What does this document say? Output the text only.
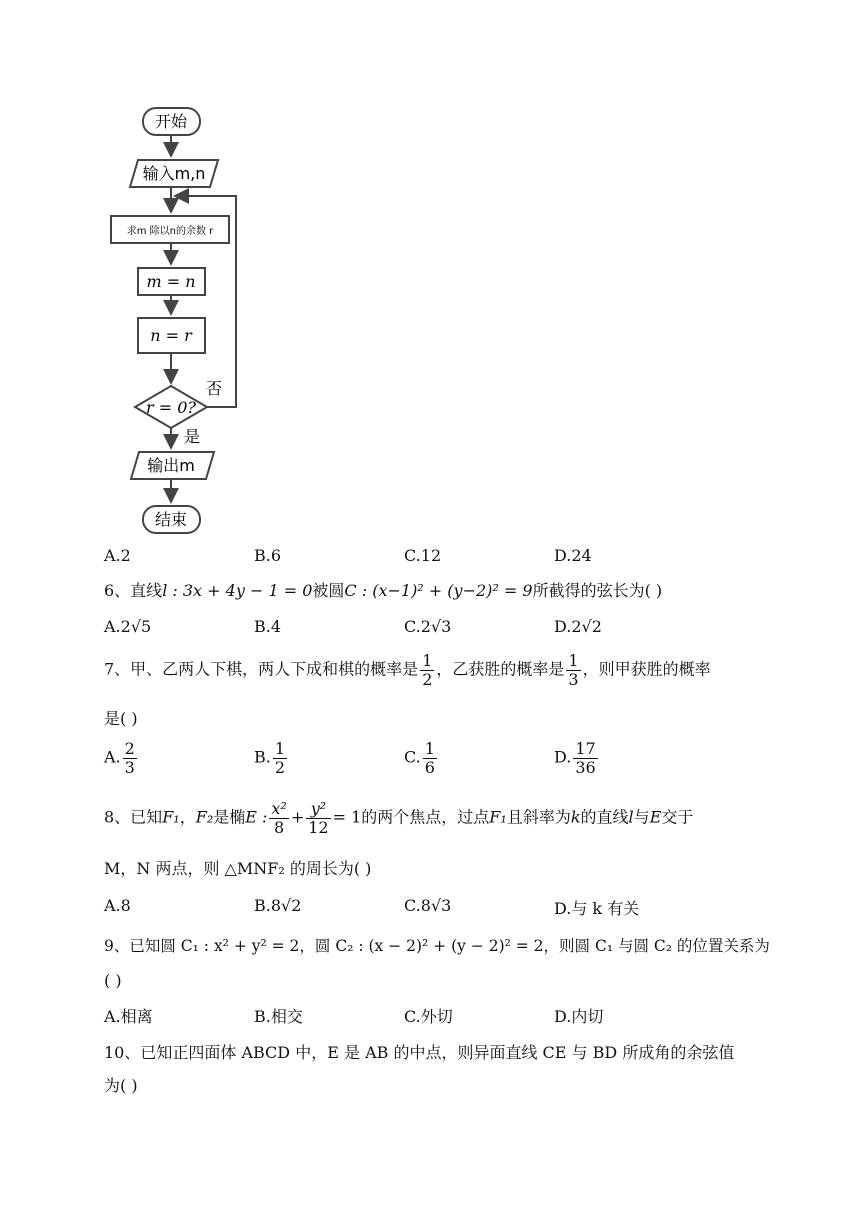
开始
输入m,n
求m 除以n的余数 r
m = n
n = r
r = 0?
否
是
输出m
结束
A.2	B.6	C.12	D.24
6、直线l : 3x + 4y − 1 = 0被圆C : (x−1)² + (y−2)² = 9所截得的弦长为( )
A.2√5	B.4	C.2√3	D.2√2
7、甲、乙两人下棋，两人下成和棋的概率是 $\frac{1}{2}$ ，乙获胜的概率是 $\frac{1}{3}$ ，则甲获胜的概率
是( )
A. $\frac{2}{3}$	B. $\frac{1}{2}$	C. $\frac{1}{6}$	D. $\frac{17}{36}$
8、已知F₁，F₂是椭E : $\frac{\text{x²}}{8} + \frac{\text{y²}}{12} = 1$的两个焦点，过点F₁且斜率为k的直线l与E交于
M，N 两点，则 △MNF₂ 的周长为( )
A.8	B.8√2	C.8√3	D.与 k 有关
9、已知圆 C₁ : x² + y² = 2，圆 C₂ : (x − 2)² + (y − 2)² = 2，则圆 C₁ 与圆 C₂ 的位置关系为
( )
A.相离	B.相交	C.外切	D.内切
10、已知正四面体 ABCD 中，E 是 AB 的中点，则异面直线 CE 与 BD 所成角的余弦值
为( )
